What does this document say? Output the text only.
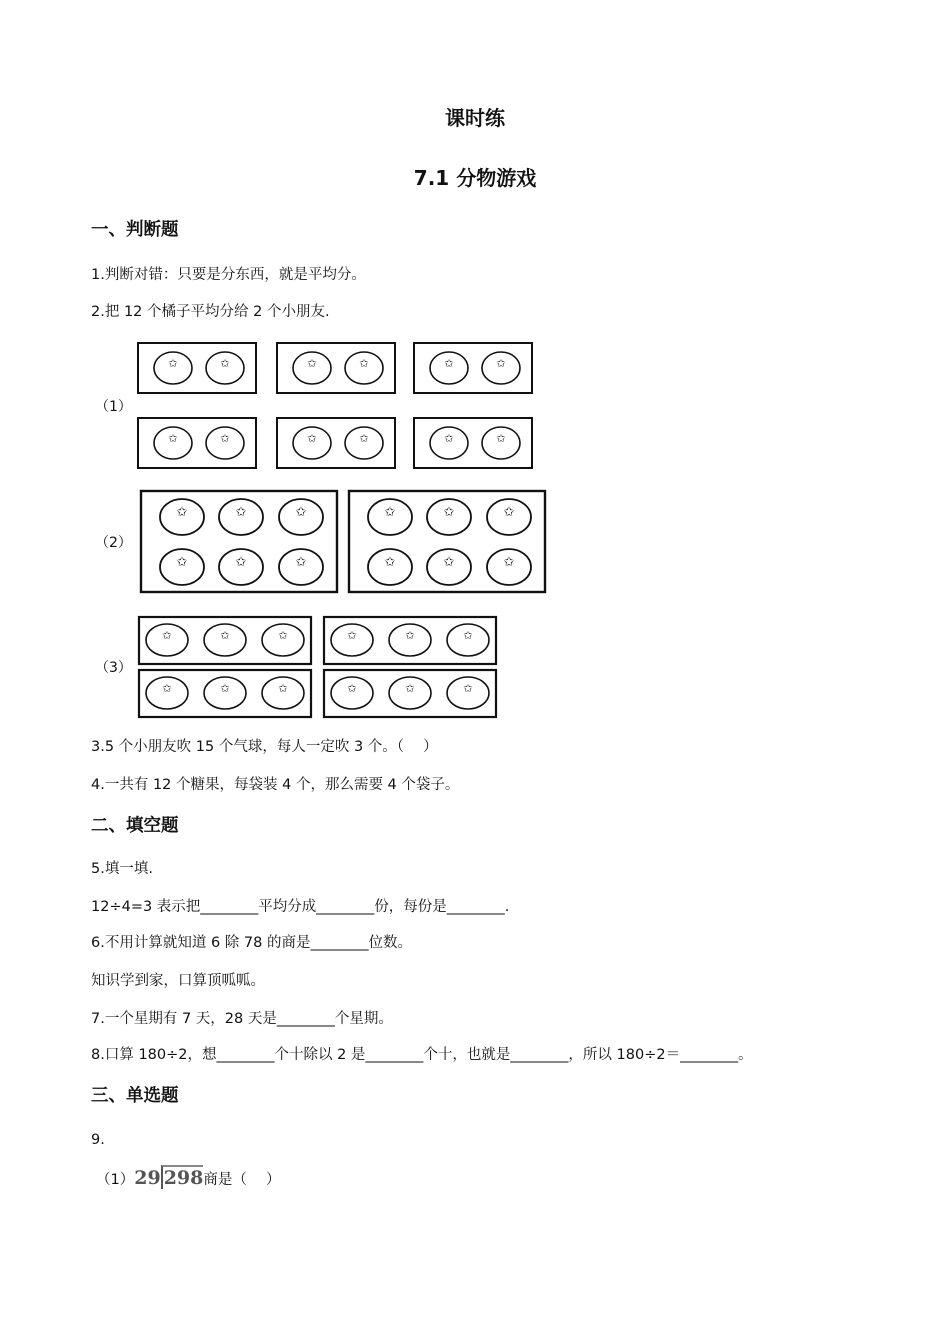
课时练
7.1 分物游戏
一、判断题
1.判断对错：只要是分东西，就是平均分。
2.把 12 个橘子平均分给 2 个小朋友.
（1）
✩	✩	✩	✩	✩	✩
✩	✩	✩	✩	✩	✩
（2）
✩	✩	✩
✩	✩	✩
✩	✩	✩
✩	✩	✩
（3）
✩	✩	✩	✩	✩	✩
✩	✩	✩	✩	✩	✩
3.5 个小朋友吹 15 个气球，每人一定吹 3 个。（　 ）
4.一共有 12 个糖果，每袋装 4 个，那么需要 4 个袋子。
二、填空题
5.填一填.
12÷4=3 表示把________平均分成________份，每份是________.
6.不用计算就知道 6 除 78 的商是________位数。
知识学到家，口算顶呱呱。
7.一个星期有 7 天，28 天是________个星期。
8.口算 180÷2，想________个十除以 2 是________个十，也就是________，所以 180÷2＝________。
三、单选题
9.
（1）29 298商是（　 ）
